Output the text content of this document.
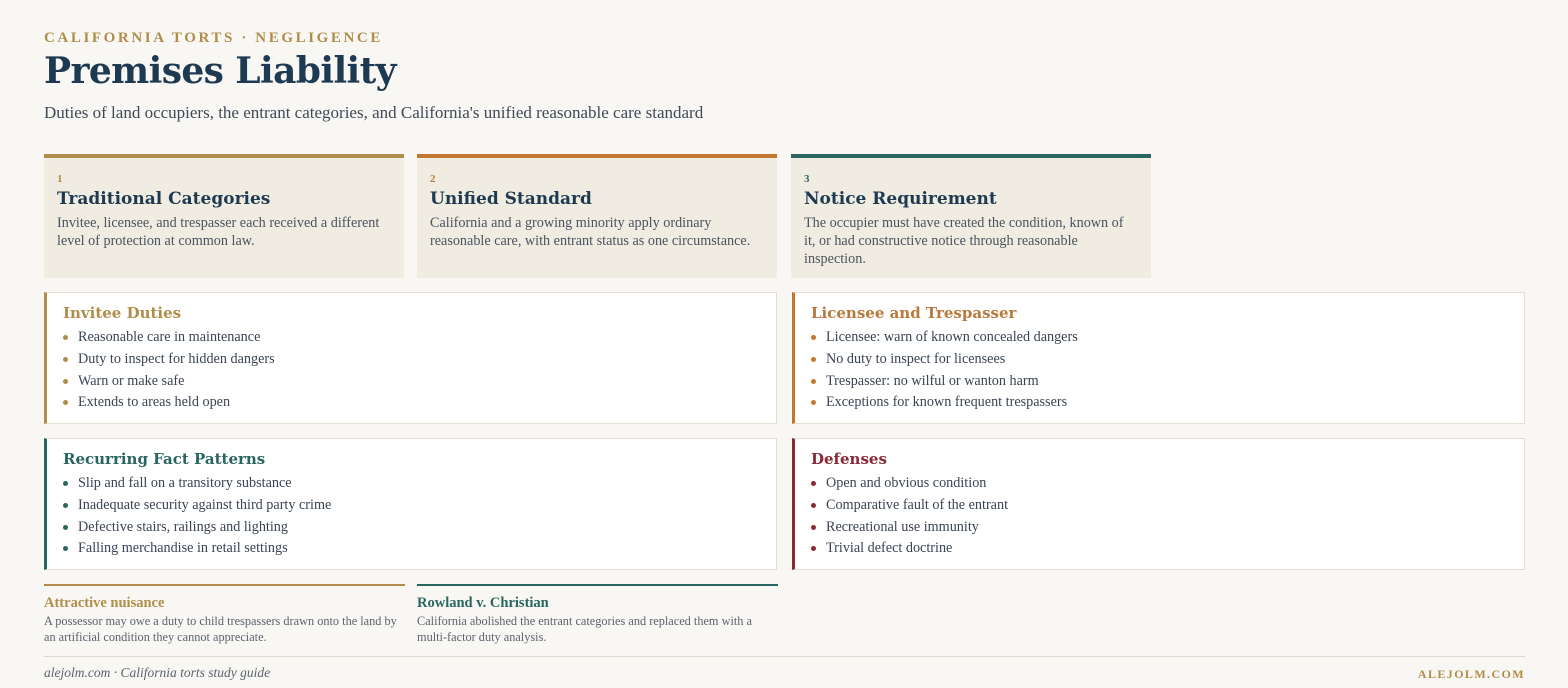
CALIFORNIA TORTS · NEGLIGENCE
Premises Liability
Duties of land occupiers, the entrant categories, and California's unified reasonable care standard
1
Traditional Categories
Invitee, licensee, and trespasser each received a different level of protection at common law.
2
Unified Standard
California and a growing minority apply ordinary reasonable care, with entrant status as one circumstance.
3
Notice Requirement
The occupier must have created the condition, known of it, or had constructive notice through reasonable inspection.
Invitee Duties
Reasonable care in maintenance
Duty to inspect for hidden dangers
Warn or make safe
Extends to areas held open
Licensee and Trespasser
Licensee: warn of known concealed dangers
No duty to inspect for licensees
Trespasser: no wilful or wanton harm
Exceptions for known frequent trespassers
Recurring Fact Patterns
Slip and fall on a transitory substance
Inadequate security against third party crime
Defective stairs, railings and lighting
Falling merchandise in retail settings
Defenses
Open and obvious condition
Comparative fault of the entrant
Recreational use immunity
Trivial defect doctrine
Attractive nuisance
A possessor may owe a duty to child trespassers drawn onto the land by an artificial condition they cannot appreciate.
Rowland v. Christian
California abolished the entrant categories and replaced them with a multi-factor duty analysis.
alejolm.com · California torts study guide	ALEJOLM.COM
